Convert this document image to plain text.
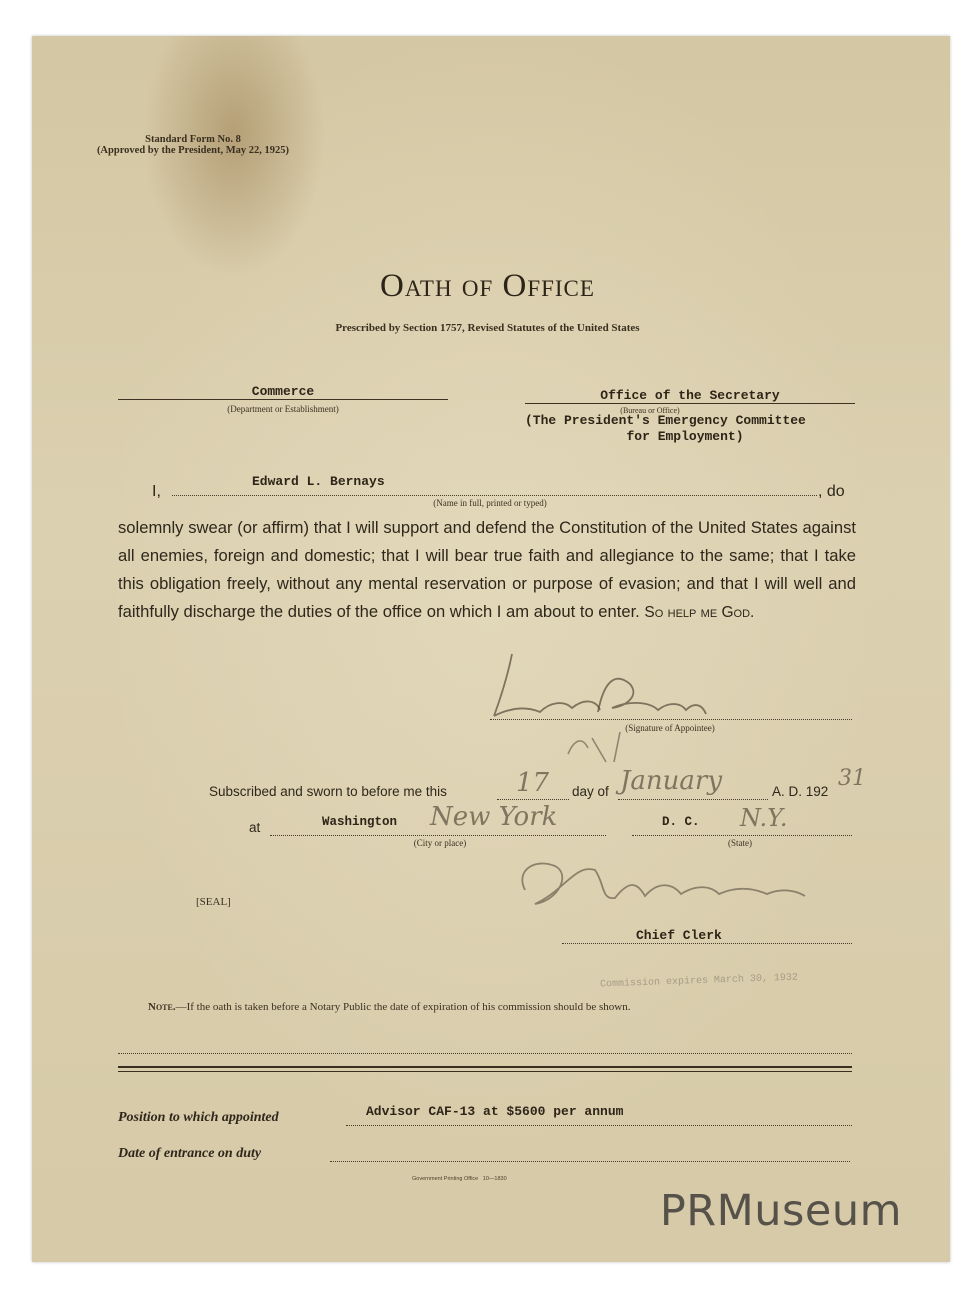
Standard Form No. 8
(Approved by the President, May 22, 1925)
Oath of Office
Prescribed by Section 1757, Revised Statutes of the United States
Commerce
(Department or Establishment)
Office of the Secretary
(Bureau or Office)
(The President's Emergency Committee
for Employment)
I,
Edward L. Bernays
, do
(Name in full, printed or typed)
solemnly swear (or affirm) that I will support and defend the Constitution of the United States against all enemies, foreign and domestic; that I will bear true faith and allegiance to the same; that I take this obligation freely, without any mental reservation or purpose of evasion; and that I will well and faithfully discharge the duties of the office on which I am about to enter. So help me God.
(Signature of Appointee)
Subscribed and sworn to before me this	17 day of January	A. D. 192
31
at	Washington New York
(City or place)
D. C. N.Y.
(State)
[SEAL]
Chief Clerk
Commission expires March 30, 1932
Note.—If the oath is taken before a Notary Public the date of expiration of his commission should be shown.
Position to which appointed	Advisor CAF-13 at $5600 per annum
Date of entrance on duty
Government Printing Office   10—1830
PRMuseum
